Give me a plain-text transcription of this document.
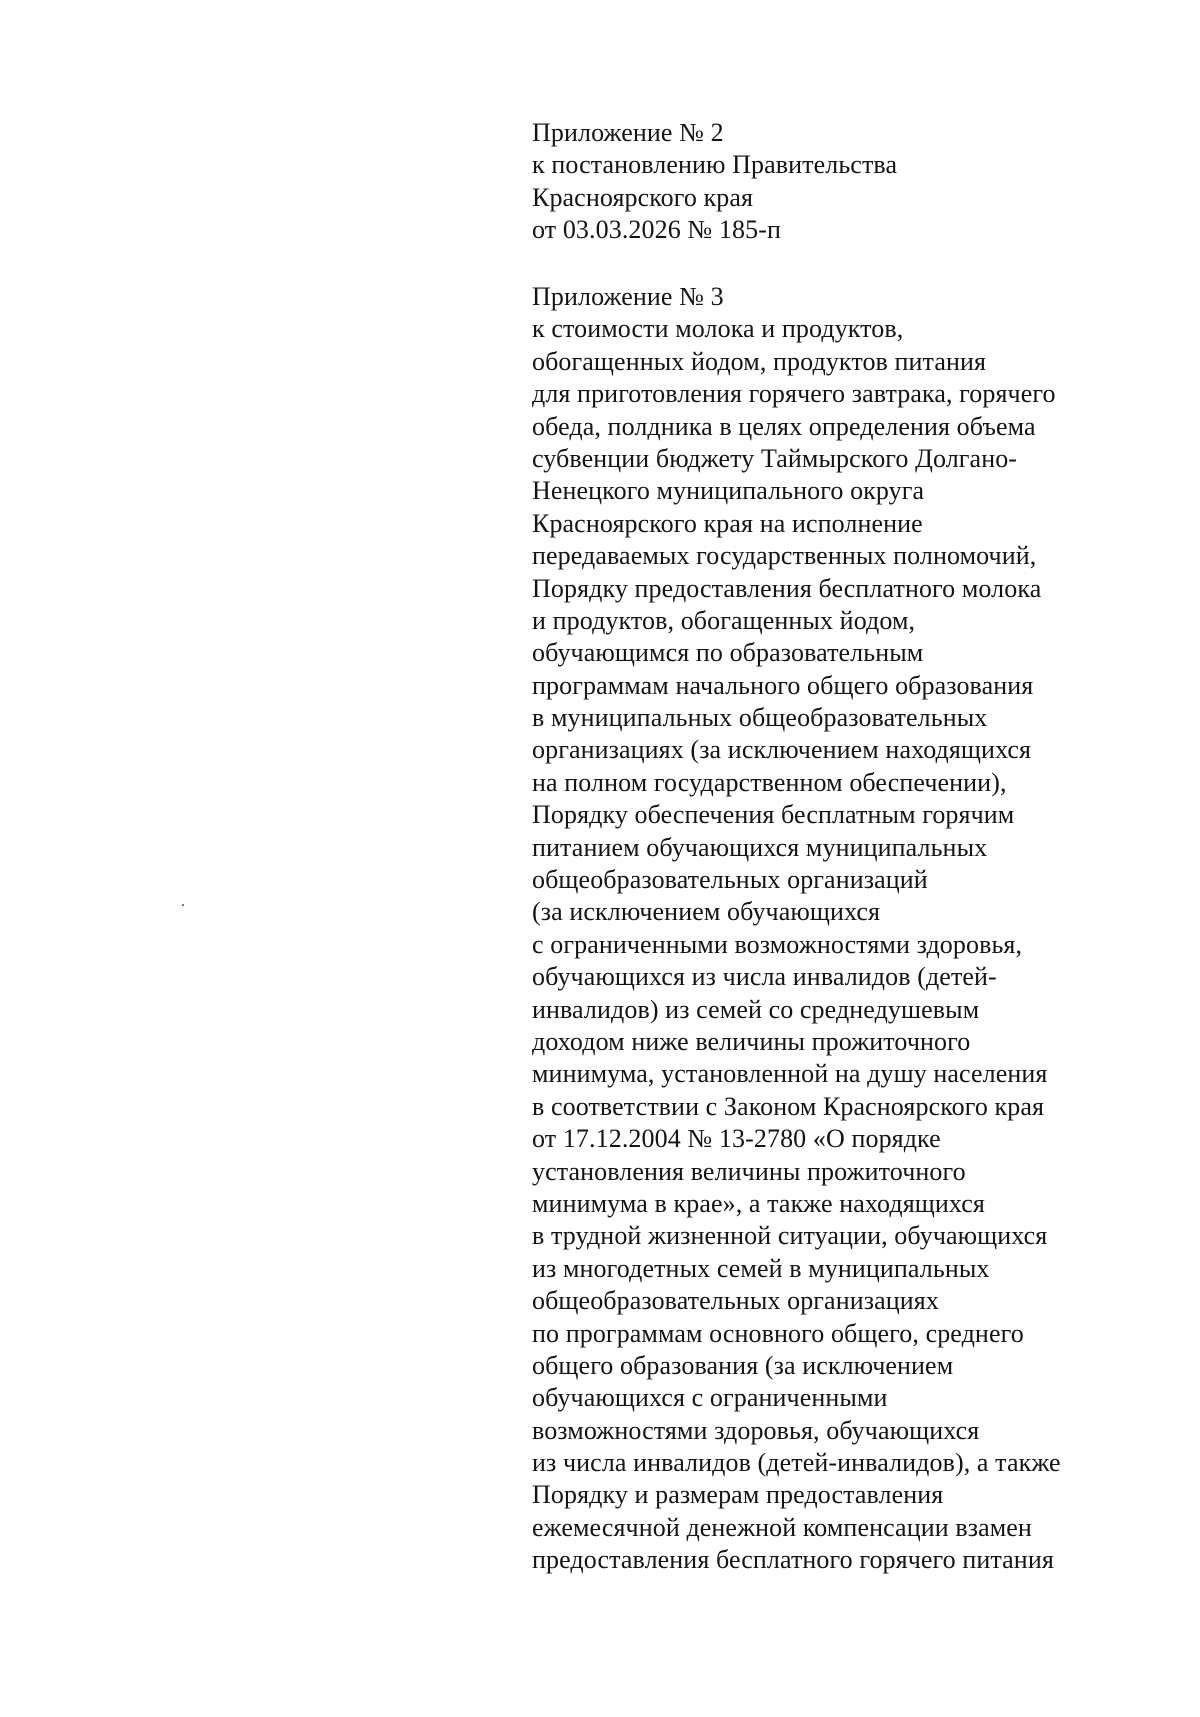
Приложение № 2
к постановлению Правительства
Красноярского края
от 03.03.2026 № 185-п
Приложение № 3
к стоимости молока и продуктов,
обогащенных йодом, продуктов питания
для приготовления горячего завтрака, горячего
обеда, полдника в целях определения объема
субвенции бюджету Таймырского Долгано-
Ненецкого муниципального округа
Красноярского края на исполнение
передаваемых государственных полномочий,
Порядку предоставления бесплатного молока
и продуктов, обогащенных йодом,
обучающимся по образовательным
программам начального общего образования
в муниципальных общеобразовательных
организациях (за исключением находящихся
на полном государственном обеспечении),
Порядку обеспечения бесплатным горячим
питанием обучающихся муниципальных
общеобразовательных организаций
(за исключением обучающихся
с ограниченными возможностями здоровья,
обучающихся из числа инвалидов (детей-
инвалидов) из семей со среднедушевым
доходом ниже величины прожиточного
минимума, установленной на душу населения
в соответствии с Законом Красноярского края
от 17.12.2004 № 13-2780 «О порядке
установления величины прожиточного
минимума в крае», а также находящихся
в трудной жизненной ситуации, обучающихся
из многодетных семей в муниципальных
общеобразовательных организациях
по программам основного общего, среднего
общего образования (за исключением
обучающихся с ограниченными
возможностями здоровья, обучающихся
из числа инвалидов (детей-инвалидов), а также
Порядку и размерам предоставления
ежемесячной денежной компенсации взамен
предоставления бесплатного горячего питания
